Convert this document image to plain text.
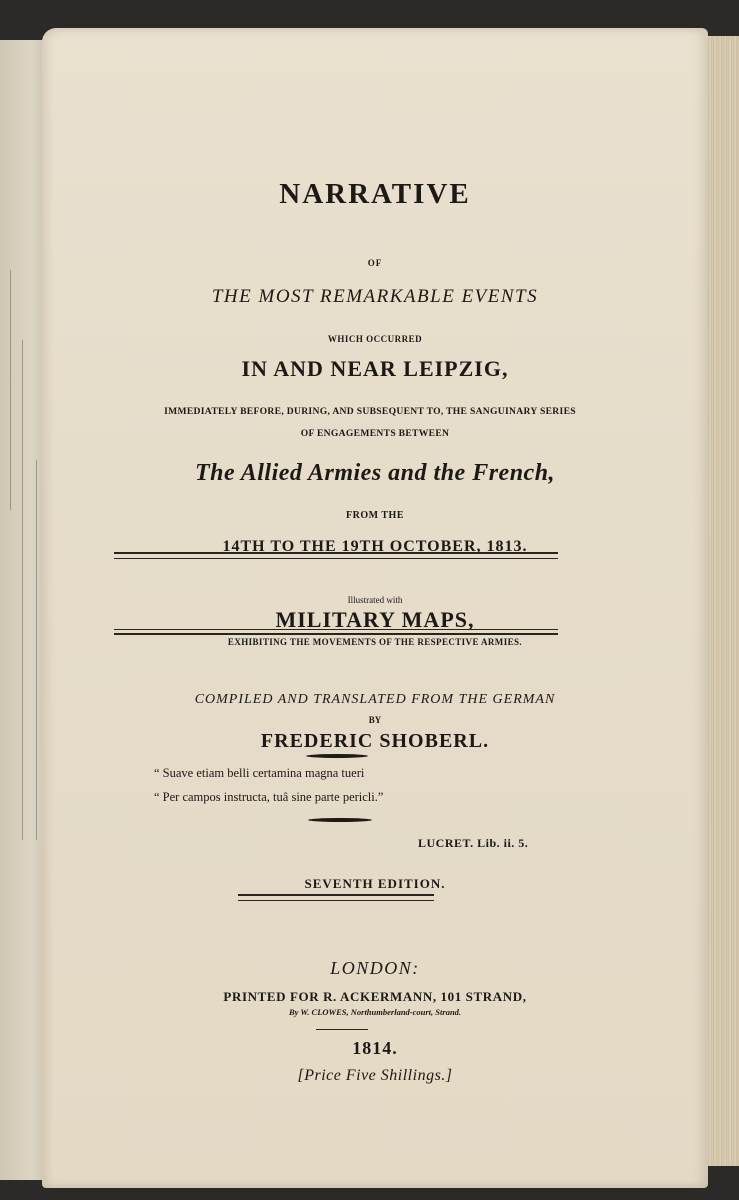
NARRATIVE
OF
THE MOST REMARKABLE EVENTS
WHICH OCCURRED
IN AND NEAR LEIPZIG,
IMMEDIATELY BEFORE, DURING, AND SUBSEQUENT TO, THE SANGUINARY SERIES
OF ENGAGEMENTS BETWEEN
The Allied Armies and the French,
FROM THE
14TH TO THE 19TH OCTOBER, 1813.
Illustrated with
MILITARY MAPS,
EXHIBITING THE MOVEMENTS OF THE RESPECTIVE ARMIES.
COMPILED AND TRANSLATED FROM THE GERMAN
BY
FREDERIC SHOBERL.
“ Suave etiam belli certamina magna tueri
“ Per campos instructa, tuâ sine parte pericli.”
LUCRET. Lib. ii. 5.
SEVENTH EDITION.
LONDON:
PRINTED FOR R. ACKERMANN, 101 STRAND,
By W. CLOWES, Northumberland-court, Strand.
1814.
[Price Five Shillings.]
